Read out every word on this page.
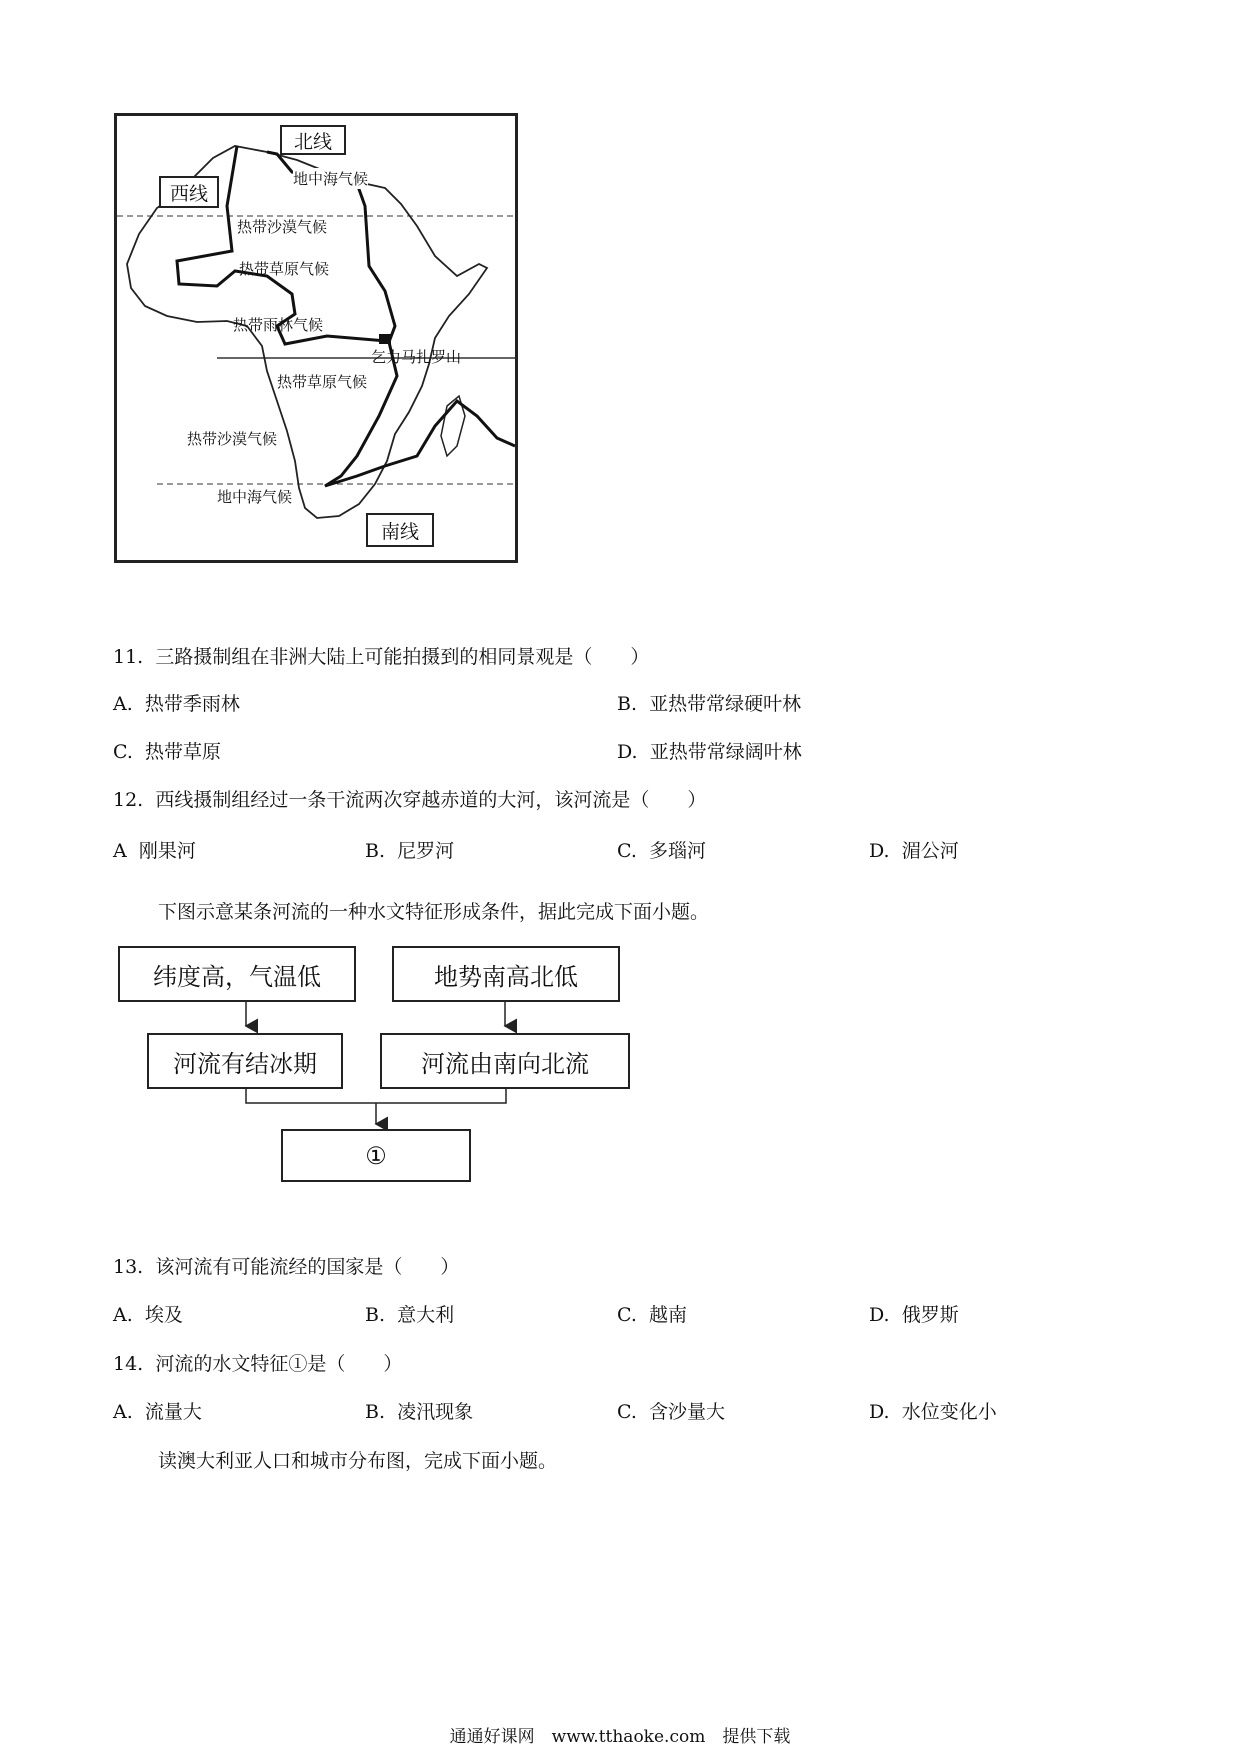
北线
西线
南线
地中海气候
热带沙漠气候
热带草原气候
热带雨林气候
乞力马扎罗山
热带草原气候
热带沙漠气候
地中海气候
11. 三路摄制组在非洲大陆上可能拍摄到的相同景观是（　　）
A. 热带季雨林	B. 亚热带常绿硬叶林
C. 热带草原	D. 亚热带常绿阔叶林
12. 西线摄制组经过一条干流两次穿越赤道的大河，该河流是（　　）
A 刚果河	B. 尼罗河	C. 多瑙河	D. 湄公河
下图示意某条河流的一种水文特征形成条件，据此完成下面小题。
纬度高，气温低	地势南高北低
河流有结冰期	河流由南向北流
①
13. 该河流有可能流经的国家是（　　）
A. 埃及	B. 意大利	C. 越南	D. 俄罗斯
14. 河流的水文特征①是（　　）
A. 流量大	B. 凌汛现象	C. 含沙量大	D. 水位变化小
读澳大利亚人口和城市分布图，完成下面小题。
通通好课网　www.tthaoke.com　提供下载
